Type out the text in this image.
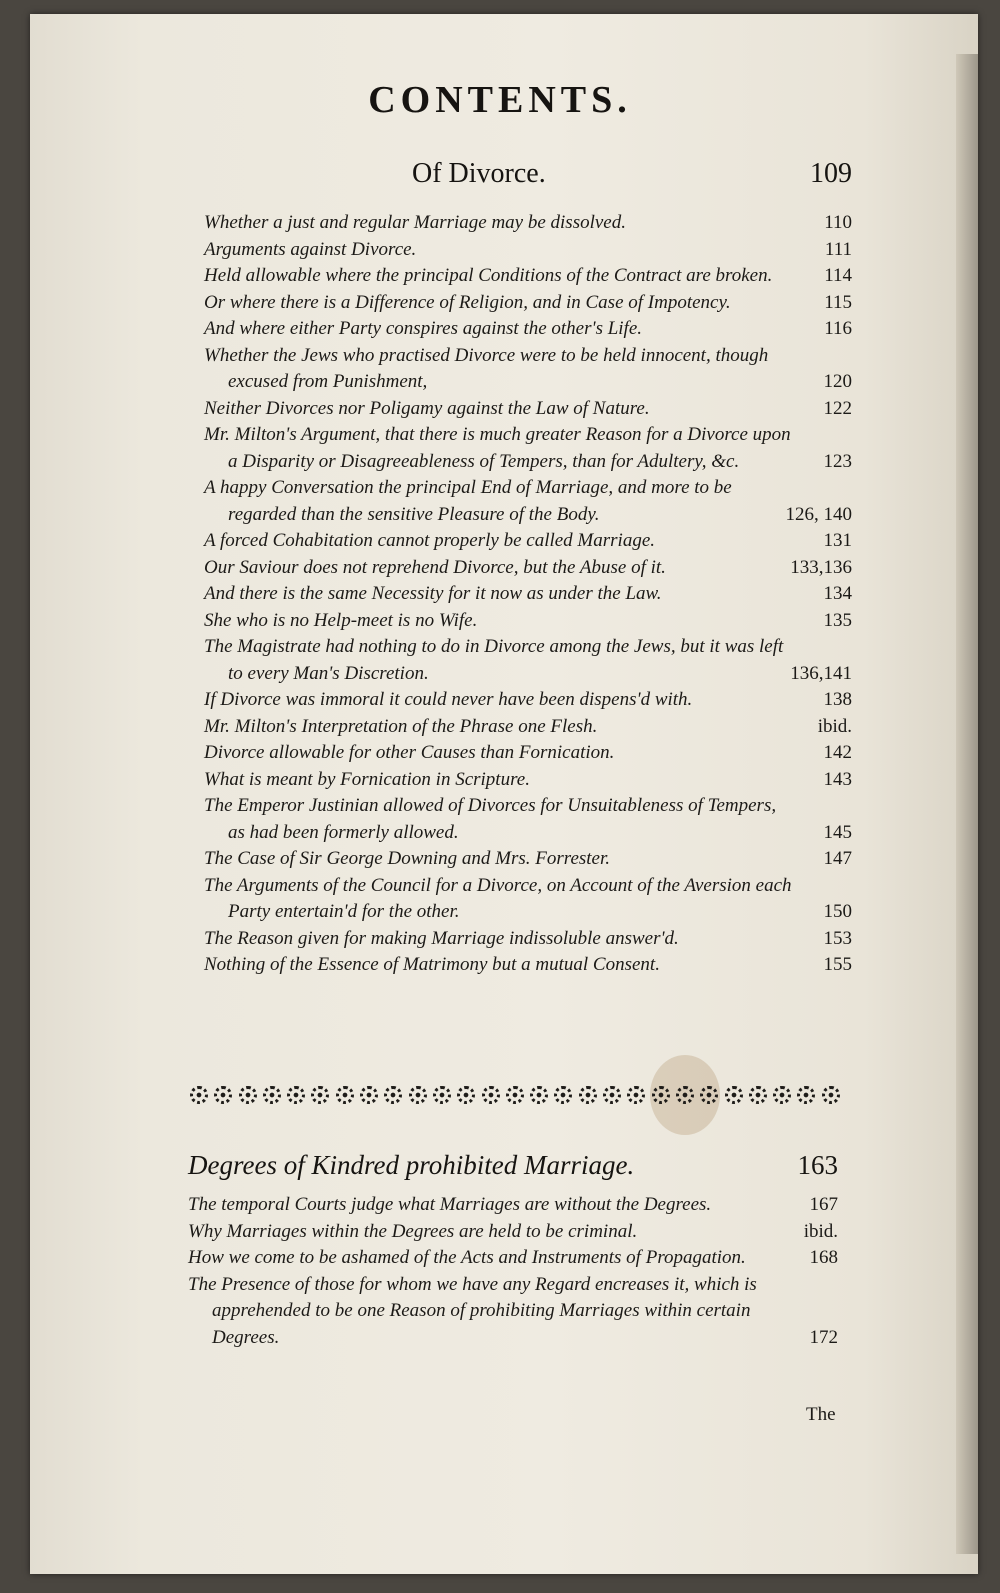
CONTENTS.
Of Divorce.	109
Whether a just and regular Marriage may be dissolved.	110
Arguments against Divorce.	111
Held allowable where the principal Conditions of the Contract are broken.	114
Or where there is a Difference of Religion, and in Case of Impotency.	115
And where either Party conspires against the other's Life.	116
Whether the Jews who practised Divorce were to be held innocent, though excused from Punishment,	120
Neither Divorces nor Poligamy against the Law of Nature.	122
Mr. Milton's Argument, that there is much greater Reason for a Divorce upon a Disparity or Disagreeableness of Tempers, than for Adultery, &c.	123
A happy Conversation the principal End of Marriage, and more to be regarded than the sensitive Pleasure of the Body.	126, 140
A forced Cohabitation cannot properly be called Marriage.	131
Our Saviour does not reprehend Divorce, but the Abuse of it.	133,136
And there is the same Necessity for it now as under the Law.	134
She who is no Help-meet is no Wife.	135
The Magistrate had nothing to do in Divorce among the Jews, but it was left to every Man's Discretion.	136,141
If Divorce was immoral it could never have been dispens'd with.	138
Mr. Milton's Interpretation of the Phrase one Flesh.	ibid.
Divorce allowable for other Causes than Fornication.	142
What is meant by Fornication in Scripture.	143
The Emperor Justinian allowed of Divorces for Unsuitableness of Tempers, as had been formerly allowed.	145
The Case of Sir George Downing and Mrs. Forrester.	147
The Arguments of the Council for a Divorce, on Account of the Aversion each Party entertain'd for the other.	150
The Reason given for making Marriage indissoluble answer'd.	153
Nothing of the Essence of Matrimony but a mutual Consent.	155
Degrees of Kindred prohibited Marriage.	163
The temporal Courts judge what Marriages are without the Degrees.	167
Why Marriages within the Degrees are held to be criminal.	ibid.
How we come to be ashamed of the Acts and Instruments of Propagation.	168
The Presence of those for whom we have any Regard encreases it, which is apprehended to be one Reason of prohibiting Marriages within certain Degrees.	172
The
